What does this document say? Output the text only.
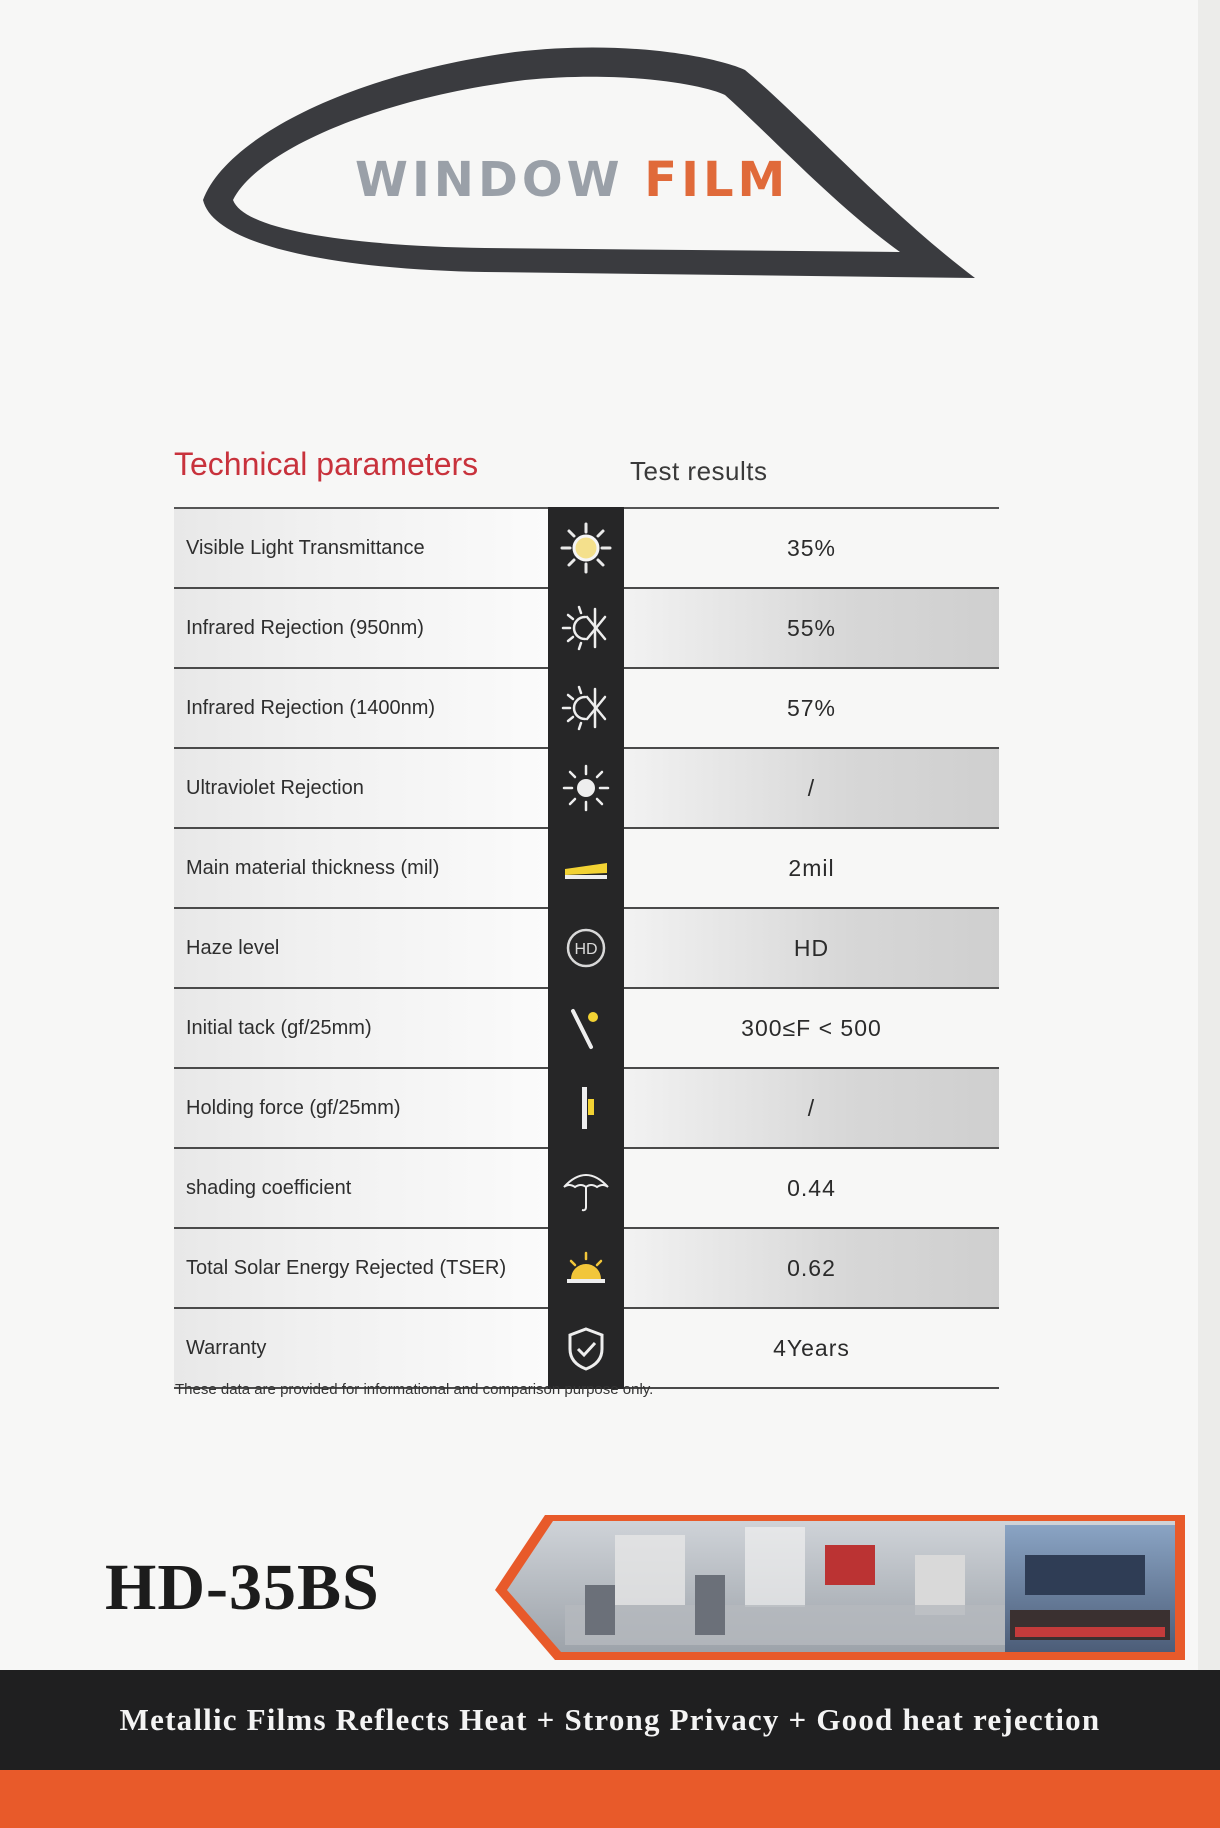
WINDOW FILM
Technical parameters	Test results
Visible Light Transmittance	35%
Infrared Rejection (950nm)	55%
Infrared Rejection (1400nm)	57%
Ultraviolet Rejection	/
Main material thickness (mil)	2mil
Haze level	HD	HD
Initial tack (gf/25mm)	300≤F < 500
Holding force (gf/25mm)	/
shading coefficient	0.44
Total Solar Energy Rejected (TSER)	0.62
Warranty	4Years
These data are provided for informational and comparison purpose only.
HD-35BS
Metallic Films Reflects Heat + Strong Privacy + Good heat rejection
